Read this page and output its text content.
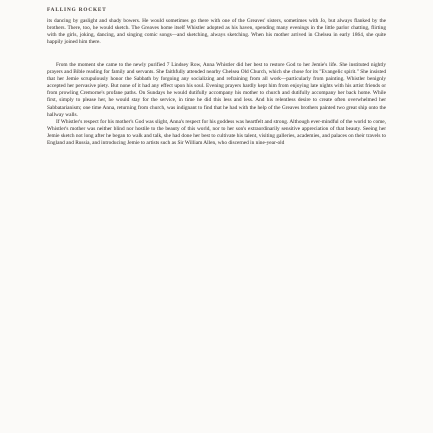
FALLING ROCKET

its dancing by gaslight and shady bowers. He would sometimes go there with one of the Greaves' sisters, sometimes with Jo, but always flanked by the brothers. There, too, he would sketch. The Greaves home itself Whistler adopted as his haven, spending many evenings in the little parlor chatting, flirting with the girls, joking, dancing, and singing comic songs—and sketching, always sketching. When his mother arrived in Chelsea in early 1864, she quite happily joined him there.

From the moment she came to the newly purified 7 Lindsey Row, Anna Whistler did her best to restore God to her Jemie's life. She instituted nightly prayers and Bible reading for family and servants. She faithfully attended nearby Chelsea Old Church, which she chose for its "Evangelic spirit." She insisted that her Jemie scrupulously honor the Sabbath by forgoing any socializing and refraining from all work—particularly from painting. Whistler benignly accepted her pervasive piety. But none of it had any effect upon his soul. Evening prayers hardly kept him from enjoying late nights with his artist friends or from prowling Cremorne's profane paths. On Sundays he would dutifully accompany his mother to church and dutifully accompany her back home. While first, simply to please her, he would stay for the service, in time he did this less and less. And his relentless desire to create often overwhelmed her Sabbatarianism; one time Anna, returning from church, was indignant to find that he had with the help of the Greaves brothers painted two great ship onto the hallway walls.

If Whistler's respect for his mother's God was slight, Anna's respect for his goddess was heartfelt and strong. Although ever-mindful of the world to come, Whistler's mother was neither blind nor hostile to the beauty of this world, nor to her son's extraordinarily sensitive appreciation of that beauty. Seeing her Jemie sketch not long after he began to walk and talk, she had done her best to cultivate his talent, visiting galleries, academies, and palaces on their travels to England and Russia, and introducing Jemie to artists such as Sir William Allen, who discerned in nine-year-old
